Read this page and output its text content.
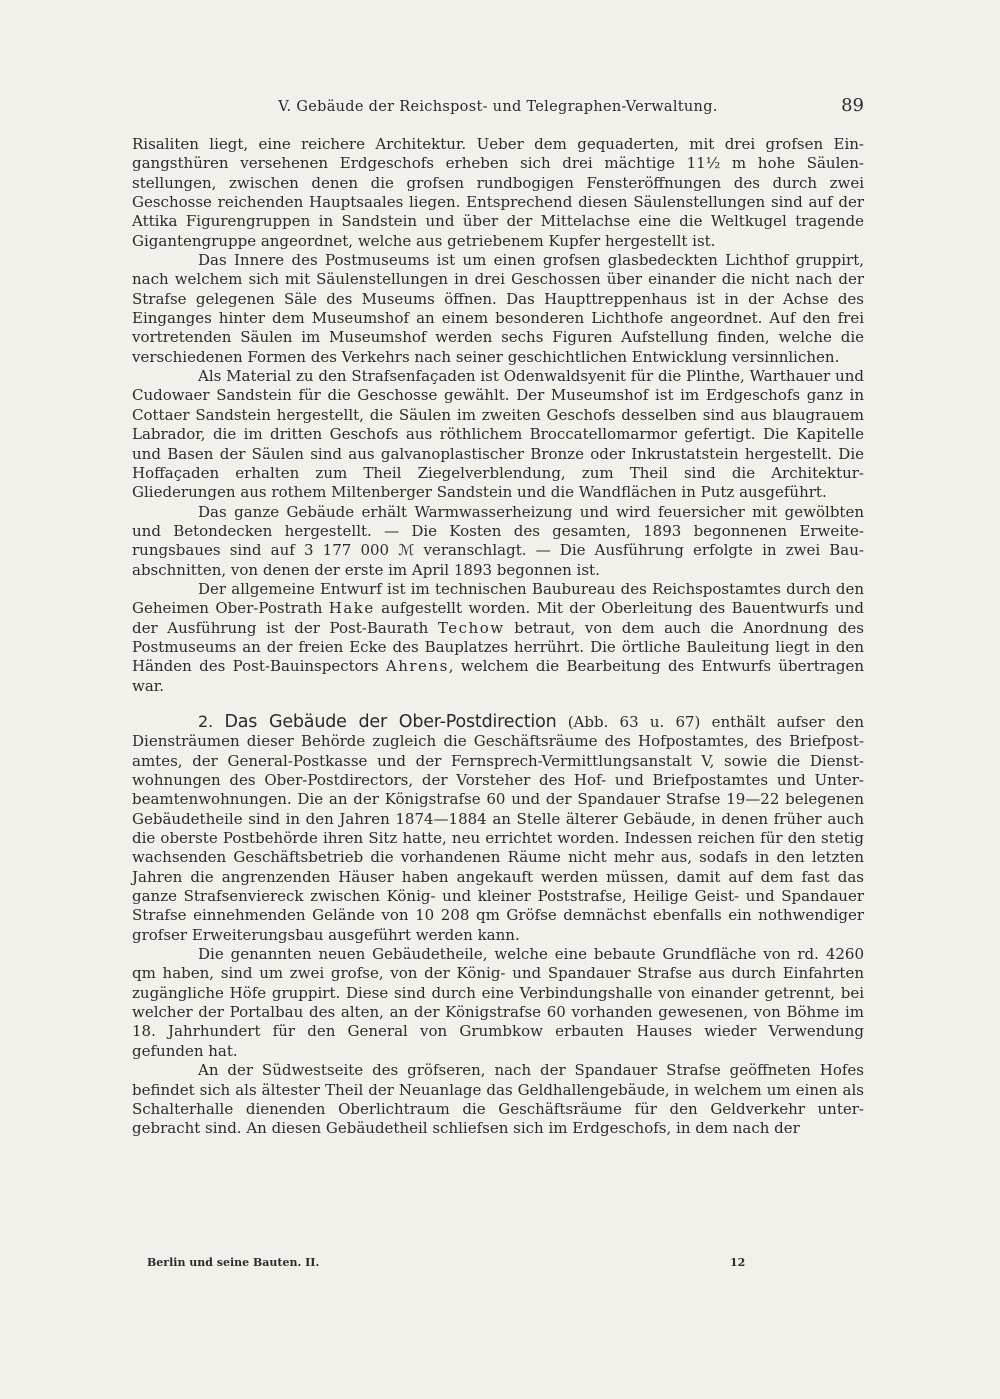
V. Gebäude der Reichspost- und Telegraphen-Verwaltung.	89

Risaliten liegt, eine reichere Architektur. Ueber dem gequaderten, mit drei grofsen Eingangsthüren versehenen Erdgeschofs erheben sich drei mächtige 11½ m hohe Säulenstellungen, zwischen denen die grofsen rundbogigen Fensteröffnungen des durch zwei Geschosse reichenden Hauptsaales liegen. Entsprechend diesen Säulenstellungen sind auf der Attika Figurengruppen in Sandstein und über der Mittelachse eine die Weltkugel tragende Gigantengruppe angeordnet, welche aus getriebenem Kupfer hergestellt ist.

Das Innere des Postmuseums ist um einen grofsen glasbedeckten Lichthof gruppirt, nach welchem sich mit Säulenstellungen in drei Geschossen über einander die nicht nach der Strafse gelegenen Säle des Museums öffnen. Das Haupttreppenhaus ist in der Achse des Einganges hinter dem Museumshof an einem besonderen Lichthofe angeordnet. Auf den frei vortretenden Säulen im Museumshof werden sechs Figuren Aufstellung finden, welche die verschiedenen Formen des Verkehrs nach seiner geschichtlichen Entwicklung versinnlichen.

Als Material zu den Strafsenfaçaden ist Odenwaldsyenit für die Plinthe, Warthauer und Cudowaer Sandstein für die Geschosse gewählt. Der Museumshof ist im Erdgeschofs ganz in Cottaer Sandstein hergestellt, die Säulen im zweiten Geschofs desselben sind aus blaugrauem Labrador, die im dritten Geschofs aus röthlichem Broccatellomarmor gefertigt. Die Kapitelle und Basen der Säulen sind aus galvanoplastischer Bronze oder Inkrustatstein hergestellt. Die Hoffaçaden erhalten zum Theil Ziegelverblendung, zum Theil sind die Architektur-Gliederungen aus rothem Miltenberger Sandstein und die Wandflächen in Putz ausgeführt.

Das ganze Gebäude erhält Warmwasserheizung und wird feuersicher mit gewölbten und Betondecken hergestellt. — Die Kosten des gesamten, 1893 begonnenen Erweiterungsbaues sind auf 3 177 000 ℳ veranschlagt. — Die Ausführung erfolgte in zwei Bauabschnitten, von denen der erste im April 1893 begonnen ist.

Der allgemeine Entwurf ist im technischen Baubureau des Reichspostamtes durch den Geheimen Ober-Postrath Hake aufgestellt worden. Mit der Oberleitung des Bauentwurfs und der Ausführung ist der Post-Baurath Techow betraut, von dem auch die Anordnung des Postmuseums an der freien Ecke des Bauplatzes herrührt. Die örtliche Bauleitung liegt in den Händen des Post-Bauinspectors Ahrens, welchem die Bearbeitung des Entwurfs übertragen war.

2. Das Gebäude der Ober-Postdirection (Abb. 63 u. 67) enthält aufser den Diensträumen dieser Behörde zugleich die Geschäftsräume des Hofpostamtes, des Briefpostamtes, der General-Postkasse und der Fernsprech-Vermittlungsanstalt V, sowie die Dienstwohnungen des Ober-Postdirectors, der Vorsteher des Hof- und Briefpostamtes und Unterbeamtenwohnungen. Die an der Königstrafse 60 und der Spandauer Strafse 19—22 belegenen Gebäudetheile sind in den Jahren 1874—1884 an Stelle älterer Gebäude, in denen früher auch die oberste Postbehörde ihren Sitz hatte, neu errichtet worden. Indessen reichen für den stetig wachsenden Geschäftsbetrieb die vorhandenen Räume nicht mehr aus, sodafs in den letzten Jahren die angrenzenden Häuser haben angekauft werden müssen, damit auf dem fast das ganze Strafsenviereck zwischen König- und kleiner Poststrafse, Heilige Geist- und Spandauer Strafse einnehmenden Gelände von 10 208 qm Gröfse demnächst ebenfalls ein nothwendiger grofser Erweiterungsbau ausgeführt werden kann.

Die genannten neuen Gebäudetheile, welche eine bebaute Grundfläche von rd. 4260 qm haben, sind um zwei grofse, von der König- und Spandauer Strafse aus durch Einfahrten zugängliche Höfe gruppirt. Diese sind durch eine Verbindungshalle von einander getrennt, bei welcher der Portalbau des alten, an der Königstrafse 60 vorhanden gewesenen, von Böhme im 18. Jahrhundert für den General von Grumbkow erbauten Hauses wieder Verwendung gefunden hat.

An der Südwestseite des gröfseren, nach der Spandauer Strafse geöffneten Hofes befindet sich als ältester Theil der Neuanlage das Geldhallengebäude, in welchem um einen als Schalterhalle dienenden Oberlichtraum die Geschäftsräume für den Geldverkehr untergebracht sind. An diesen Gebäudetheil schliefsen sich im Erdgeschofs, in dem nach der

Berlin und seine Bauten. II.	12
